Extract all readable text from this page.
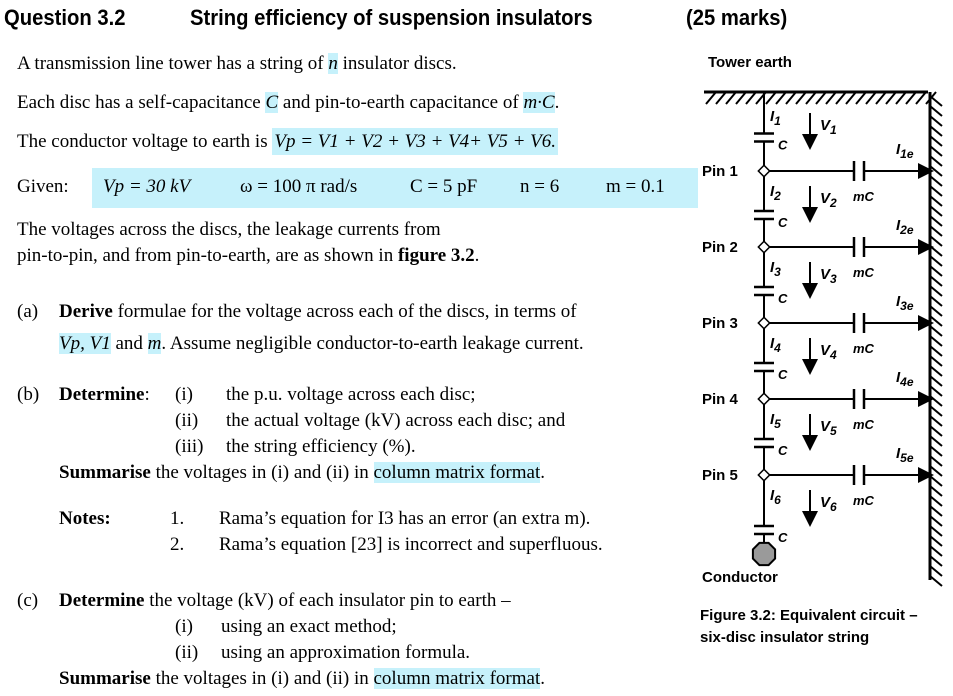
Question 3.2	String efficiency of suspension insulators	(25 marks)
A transmission line tower has a string of n insulator discs.
Each disc has a self-capacitance C and pin-to-earth capacitance of m·C.
The conductor voltage to earth is Vp = V1 + V2 + V3 + V4+ V5 + V6.
Given: Vp = 30 kV	ω = 100 π rad/s	C = 5 pF n = 6 m = 0.1
The voltages across the discs, the leakage currents from
pin-to-pin, and from pin-to-earth, are as shown in figure 3.2.
(a) Derive formulae for the voltage across each of the discs, in terms of
Vp, V1 and m. Assume negligible conductor-to-earth leakage current.
(b) Determine: (i) the p.u. voltage across each disc;
(ii) the actual voltage (kV) across each disc; and
(iii) the string efficiency (%).
Summarise the voltages in (i) and (ii) in column matrix format.
Notes:	1. Rama’s equation for I3 has an error (an extra m).
2. Rama’s equation [23] is incorrect and superfluous.
(c) Determine the voltage (kV) of each insulator pin to earth –
(i) using an exact method;
(ii) using an approximation formula.
Summarise the voltages in (i) and (ii) in column matrix format.
Tower earth
C
$I_1$	$V_1$
C
$I_2$	$V_2$
C
$I_3$	$V_3$
C
$I_4$	$V_4$
C
$I_5$	$V_5$
C
$I_6$	$V_6$
Pin 1
mC
$I_{1e}$
Pin 2
mC
$I_{2e}$
Pin 3
mC
$I_{3e}$
Pin 4
mC
$I_{4e}$
Pin 5
mC
$I_{5e}$
Conductor
Figure 3.2: Equivalent circuit –
six-disc insulator string
